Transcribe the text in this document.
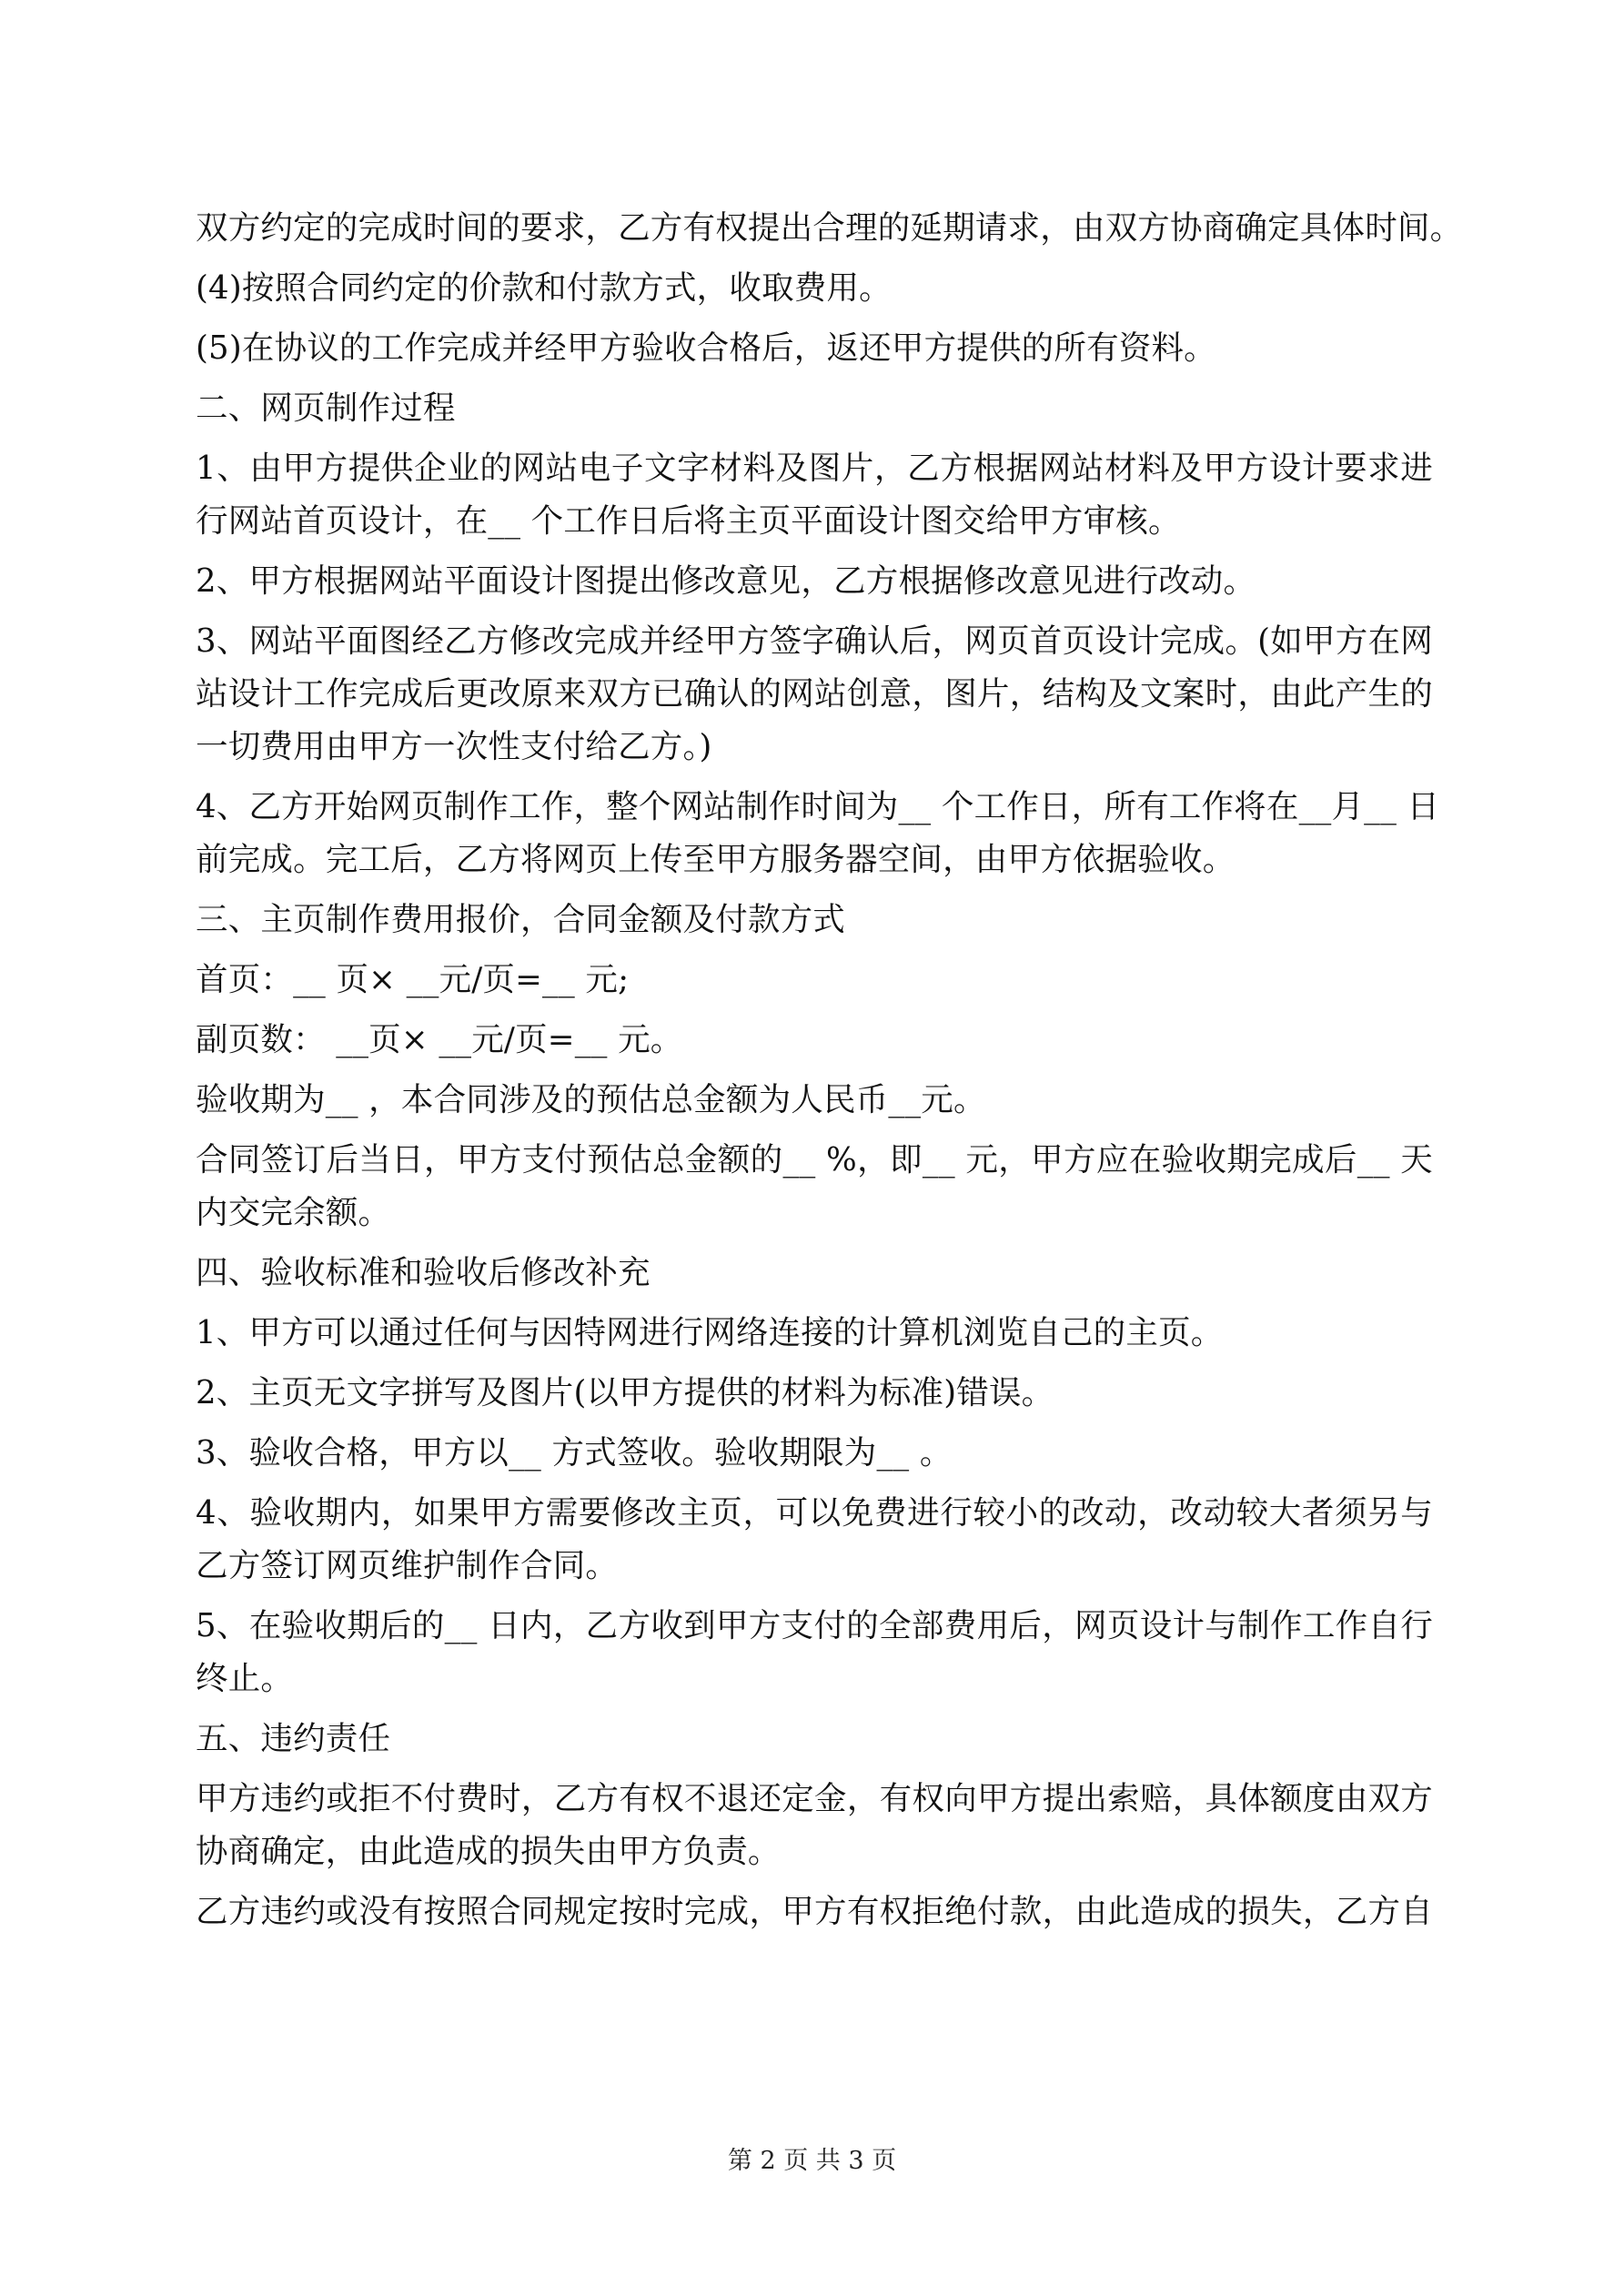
双方约定的完成时间的要求，乙方有权提出合理的延期请求，由双方协商确定具体时间。
(4)按照合同约定的价款和付款方式，收取费用。
(5)在协议的工作完成并经甲方验收合格后，返还甲方提供的所有资料。
二、网页制作过程
1、由甲方提供企业的网站电子文字材料及图片，乙方根据网站材料及甲方设计要求进
行网站首页设计，在__ 个工作日后将主页平面设计图交给甲方审核。
2、甲方根据网站平面设计图提出修改意见，乙方根据修改意见进行改动。
3、网站平面图经乙方修改完成并经甲方签字确认后，网页首页设计完成。(如甲方在网
站设计工作完成后更改原来双方已确认的网站创意，图片，结构及文案时，由此产生的
一切费用由甲方一次性支付给乙方。)
4、乙方开始网页制作工作，整个网站制作时间为__ 个工作日，所有工作将在__月__ 日
前完成。完工后，乙方将网页上传至甲方服务器空间，由甲方依据验收。
三、主页制作费用报价，合同金额及付款方式
首页：__ 页× __元/页=__ 元;
副页数： __页× __元/页=__ 元。
验收期为__ ，本合同涉及的预估总金额为人民币__元。
合同签订后当日，甲方支付预估总金额的__ %，即__ 元，甲方应在验收期完成后__ 天
内交完余额。
四、验收标准和验收后修改补充
1、甲方可以通过任何与因特网进行网络连接的计算机浏览自己的主页。
2、主页无文字拼写及图片(以甲方提供的材料为标准)错误。
3、验收合格，甲方以__ 方式签收。验收期限为__ 。
4、验收期内，如果甲方需要修改主页，可以免费进行较小的改动，改动较大者须另与
乙方签订网页维护制作合同。
5、在验收期后的__ 日内，乙方收到甲方支付的全部费用后，网页设计与制作工作自行
终止。
五、违约责任
甲方违约或拒不付费时，乙方有权不退还定金，有权向甲方提出索赔，具体额度由双方
协商确定，由此造成的损失由甲方负责。
乙方违约或没有按照合同规定按时完成，甲方有权拒绝付款，由此造成的损失，乙方自
第 2 页 共 3 页
